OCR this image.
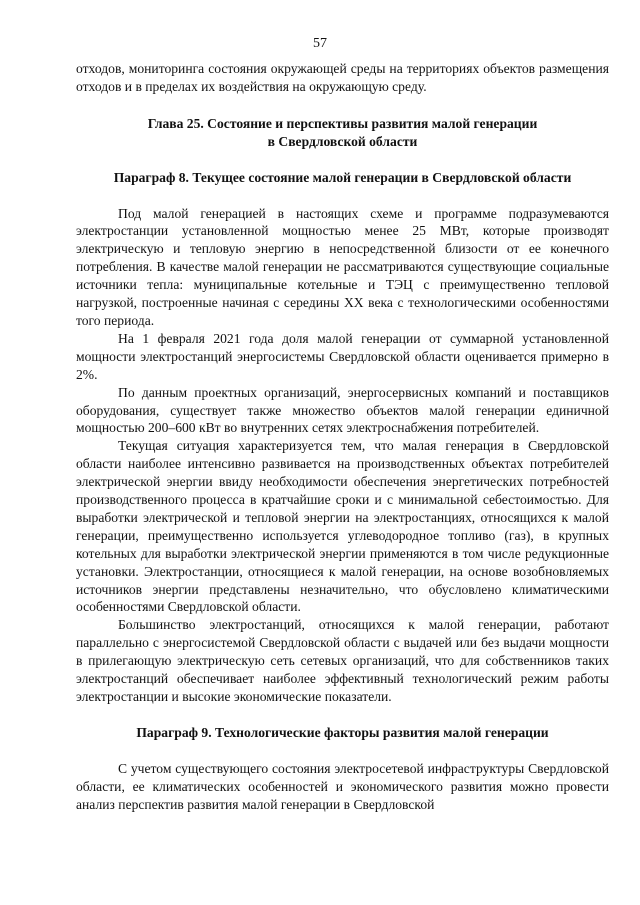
57

отходов, мониторинга состояния окружающей среды на территориях объектов размещения отходов и в пределах их воздействия на окружающую среду.

Глава 25. Состояние и перспективы развития малой генерации
в Свердловской области
Параграф 8. Текущее состояние малой генерации в Свердловской области

Под малой генерацией в настоящих схеме и программе подразумеваются электростанции установленной мощностью менее 25 МВт, которые производят электрическую и тепловую энергию в непосредственной близости от ее конечного потребления. В качестве малой генерации не рассматриваются существующие социальные источники тепла: муниципальные котельные и ТЭЦ с преимущественно тепловой нагрузкой, построенные начиная с середины XX века с технологическими особенностями того периода.

На 1 февраля 2021 года доля малой генерации от суммарной установленной мощности электростанций энергосистемы Свердловской области оценивается примерно в 2%.

По данным проектных организаций, энергосервисных компаний и поставщиков оборудования, существует также множество объектов малой генерации единичной мощностью 200–600 кВт во внутренних сетях электроснабжения потребителей.

Текущая ситуация характеризуется тем, что малая генерация в Свердловской области наиболее интенсивно развивается на производственных объектах потребителей электрической энергии ввиду необходимости обеспечения энергетических потребностей производственного процесса в кратчайшие сроки и с минимальной себестоимостью. Для выработки электрической и тепловой энергии на электростанциях, относящихся к малой генерации, преимущественно используется углеводородное топливо (газ), в крупных котельных для выработки электрической энергии применяются в том числе редукционные установки. Электростанции, относящиеся к малой генерации, на основе возобновляемых источников энергии представлены незначительно, что обусловлено климатическими особенностями Свердловской области.

Большинство электростанций, относящихся к малой генерации, работают параллельно с энергосистемой Свердловской области с выдачей или без выдачи мощности в прилегающую электрическую сеть сетевых организаций, что для собственников таких электростанций обеспечивает наиболее эффективный технологический режим работы электростанции и высокие экономические показатели.

Параграф 9. Технологические факторы развития малой генерации

С учетом существующего состояния электросетевой инфраструктуры Свердловской области, ее климатических особенностей и экономического развития можно провести анализ перспектив развития малой генерации в Свердловской
